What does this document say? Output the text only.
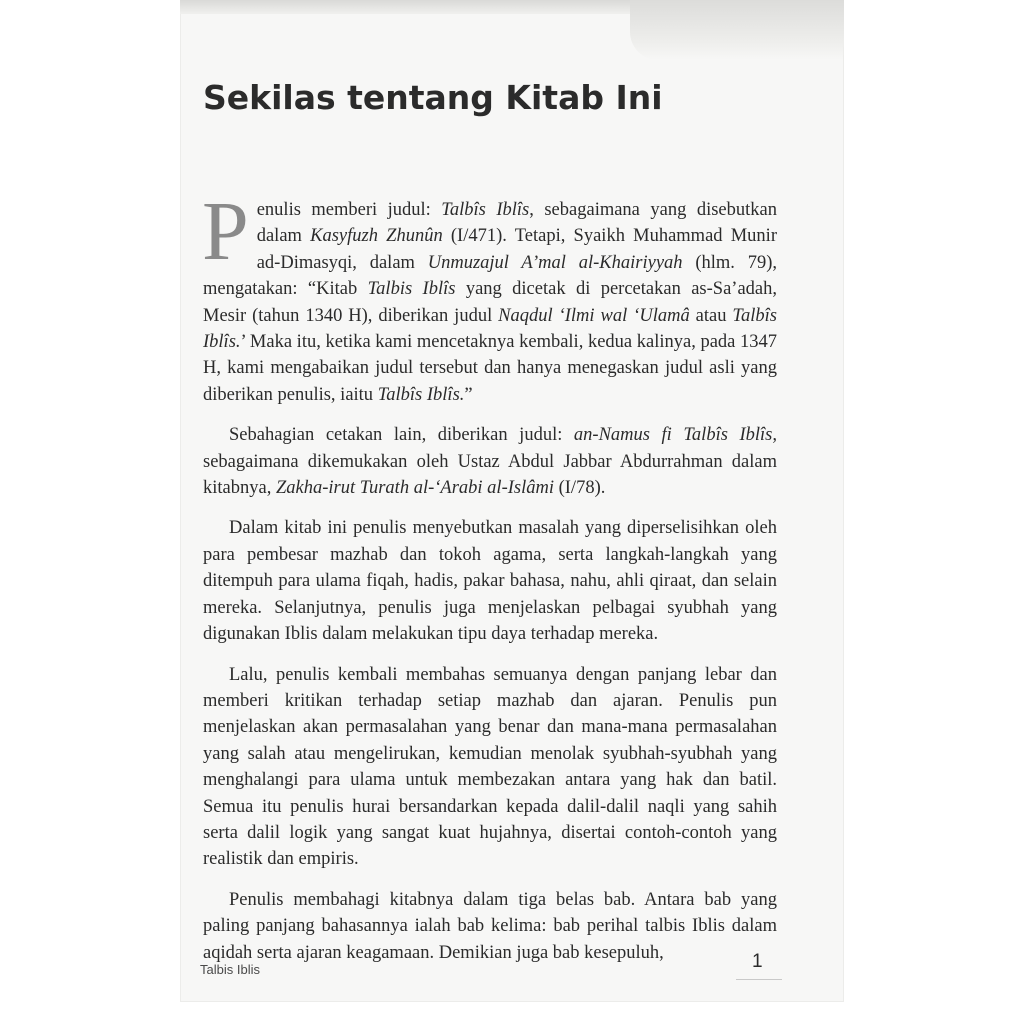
Sekilas tentang Kitab Ini

Penulis memberi judul: Talbîs Iblîs, sebagaimana yang disebutkan dalam Kasyfuzh Zhunûn (I/471). Tetapi, Syaikh Muhammad Munir ad-Dimasyqi, dalam Unmuzajul A’mal al-Khairiyyah (hlm. 79), mengatakan: “Kitab Talbis Iblîs yang dicetak di percetakan as-Sa’adah, Mesir (tahun 1340 H), diberikan judul Naqdul ‘Ilmi wal ‘Ulamâ atau Talbîs Iblîs.’ Maka itu, ketika kami mencetaknya kembali, kedua kalinya, pada 1347 H, kami mengabaikan judul tersebut dan hanya menegaskan judul asli yang diberikan penulis, iaitu Talbîs Iblîs.”

Sebahagian cetakan lain, diberikan judul: an-Namus fi Talbîs Iblîs, sebagaimana dikemukakan oleh Ustaz Abdul Jabbar Abdurrahman dalam kitabnya, Zakha-irut Turath al-‘Arabi al-Islâmi (I/78).

Dalam kitab ini penulis menyebutkan masalah yang diperselisihkan oleh para pembesar mazhab dan tokoh agama, serta langkah-langkah yang ditempuh para ulama fiqah, hadis, pakar bahasa, nahu, ahli qiraat, dan selain mereka. Selanjutnya, penulis juga menjelaskan pelbagai syubhah yang digunakan Iblis dalam melakukan tipu daya terhadap mereka.

Lalu, penulis kembali membahas semuanya dengan panjang lebar dan memberi kritikan terhadap setiap mazhab dan ajaran. Penulis pun menjelaskan akan permasalahan yang benar dan mana-mana permasalahan yang salah atau mengelirukan, kemudian menolak syubhah-syubhah yang menghalangi para ulama untuk membezakan antara yang hak dan batil. Semua itu penulis hurai bersandarkan kepada dalil-dalil naqli yang sahih serta dalil logik yang sangat kuat hujahnya, disertai contoh-contoh yang realistik dan empiris.

Penulis membahagi kitabnya dalam tiga belas bab. Antara bab yang paling panjang bahasannya ialah bab kelima: bab perihal talbis Iblis dalam aqidah serta ajaran keagamaan. Demikian juga bab kesepuluh,

Talbis Iblis	1
